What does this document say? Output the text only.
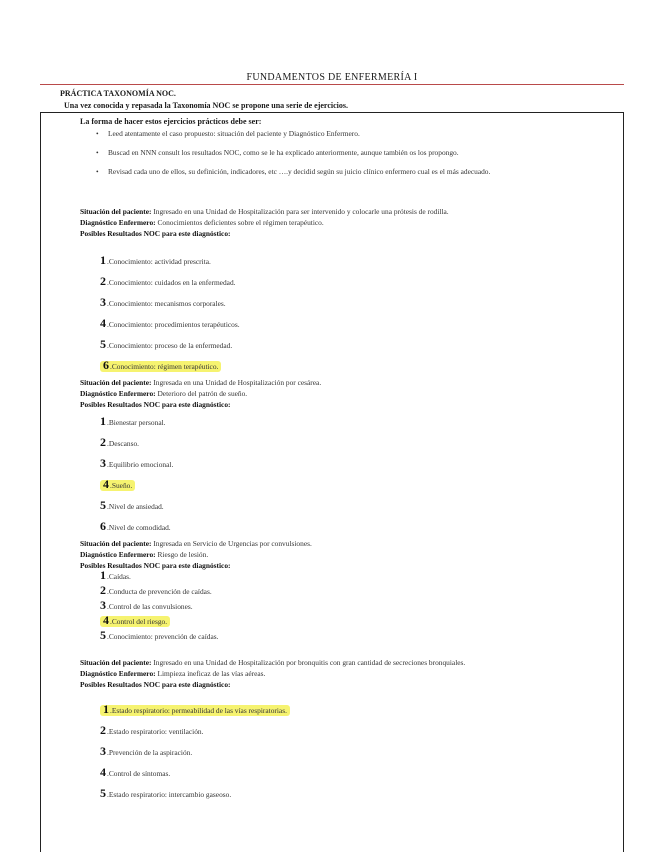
FUNDAMENTOS DE ENFERMERÍA I
PRÁCTICA TAXONOMÍA NOC.
Una vez conocida y repasada la Taxonomía NOC se propone una serie de ejercicios.
La forma de hacer estos ejercicios prácticos debe ser:
• Leed atentamente el caso propuesto: situación del paciente y Diagnóstico Enfermero.
• Buscad en NNN consult los resultados NOC, como se le ha explicado anteriormente, aunque también os los propongo.
• Revisad cada uno de ellos, su definición, indicadores, etc ….y decidid según su juicio clínico enfermero cual es el más adecuado.
Situación del paciente: Ingresado en una Unidad de Hospitalización para ser intervenido y colocarle una prótesis de rodilla.
Diagnóstico Enfermero: Conocimientos deficientes sobre el régimen terapéutico.
Posibles Resultados NOC para este diagnóstico:
1.Conocimiento: actividad prescrita.
2.Conocimiento: cuidados en la enfermedad.
3.Conocimiento: mecanismos corporales.
4.Conocimiento: procedimientos terapéuticos.
5.Conocimiento: proceso de la enfermedad.
6.Conocimiento: régimen terapéutico.
Situación del paciente: Ingresada en una Unidad de Hospitalización por cesárea.
Diagnóstico Enfermero: Deterioro del patrón de sueño.
Posibles Resultados NOC para este diagnóstico:
1.Bienestar personal.
2.Descanso.
3.Equilibrio emocional.
4.Sueño.
5.Nivel de ansiedad.
6.Nivel de comodidad.
Situación del paciente: Ingresada en Servicio de Urgencias por convulsiones.
Diagnóstico Enfermero: Riesgo de lesión.
Posibles Resultados NOC para este diagnóstico:
1.Caídas.
2.Conducta de prevención de caídas.
3.Control de las convulsiones.
4.Control del riesgo.
5.Conocimiento: prevención de caídas.
Situación del paciente: Ingresado en una Unidad de Hospitalización por bronquitis con gran cantidad de secreciones bronquiales.
Diagnóstico Enfermero: Limpieza ineficaz de las vías aéreas.
Posibles Resultados NOC para este diagnóstico:
1.Estado respiratorio: permeabilidad de las vías respiratorias.
2.Estado respiratorio: ventilación.
3.Prevención de la aspiración.
4.Control de síntomas.
5.Estado respiratorio: intercambio gaseoso.
